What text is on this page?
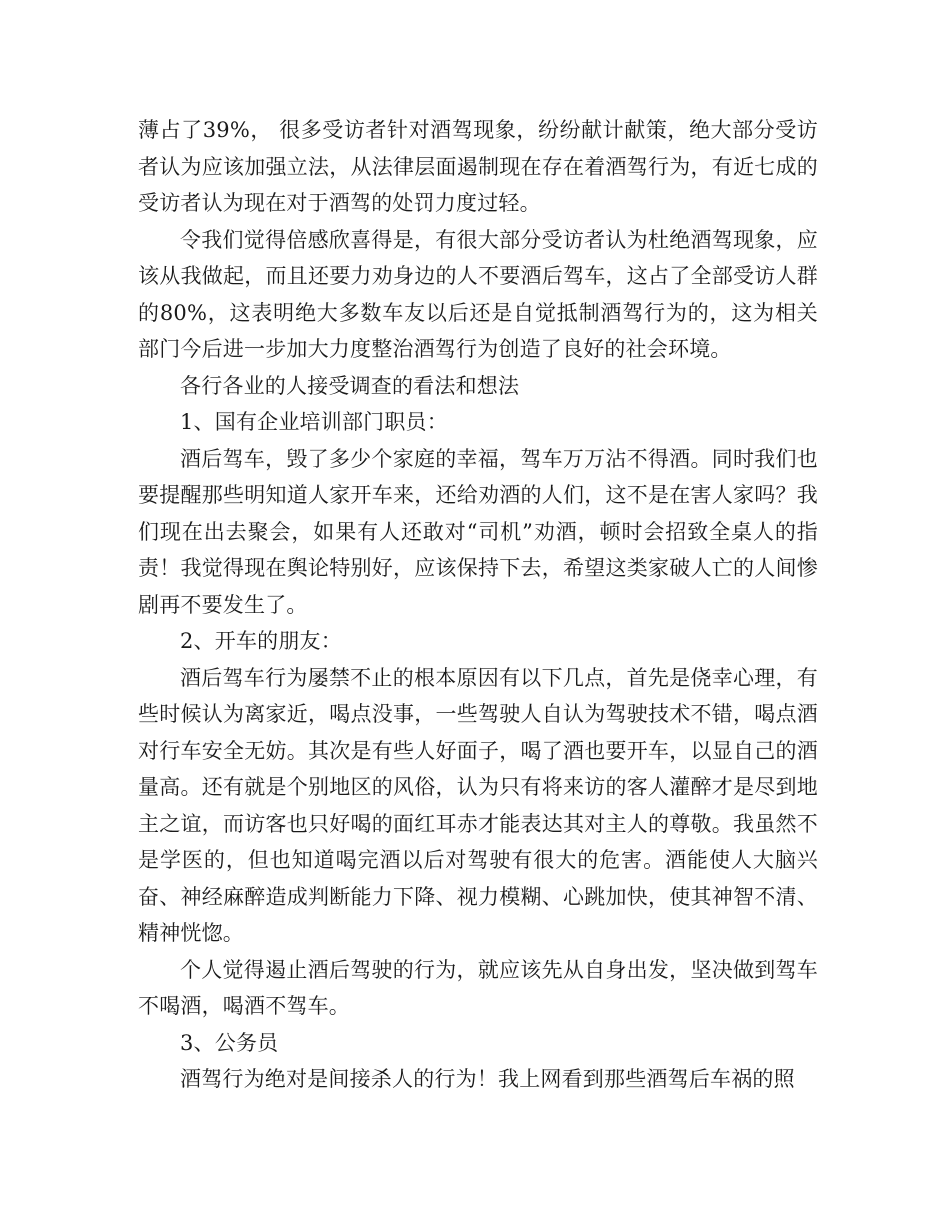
薄占了39%， 很多受访者针对酒驾现象，纷纷献计献策，绝大部分受访者认为应该加强立法，从法律层面遏制现在存在着酒驾行为，有近七成的受访者认为现在对于酒驾的处罚力度过轻。

令我们觉得倍感欣喜得是，有很大部分受访者认为杜绝酒驾现象，应该从我做起，而且还要力劝身边的人不要酒后驾车，这占了全部受访人群的80%，这表明绝大多数车友以后还是自觉抵制酒驾行为的，这为相关部门今后进一步加大力度整治酒驾行为创造了良好的社会环境。

各行各业的人接受调查的看法和想法

1、国有企业培训部门职员：

酒后驾车，毁了多少个家庭的幸福，驾车万万沾不得酒。同时我们也要提醒那些明知道人家开车来，还给劝酒的人们，这不是在害人家吗？我们现在出去聚会，如果有人还敢对“司机”劝酒，顿时会招致全桌人的指责！我觉得现在舆论特别好，应该保持下去，希望这类家破人亡的人间惨剧再不要发生了。

2、开车的朋友：

酒后驾车行为屡禁不止的根本原因有以下几点，首先是侥幸心理，有些时候认为离家近，喝点没事，一些驾驶人自认为驾驶技术不错，喝点酒对行车安全无妨。其次是有些人好面子，喝了酒也要开车，以显自己的酒量高。还有就是个别地区的风俗，认为只有将来访的客人灌醉才是尽到地主之谊，而访客也只好喝的面红耳赤才能表达其对主人的尊敬。我虽然不是学医的，但也知道喝完酒以后对驾驶有很大的危害。酒能使人大脑兴奋、神经麻醉造成判断能力下降、视力模糊、心跳加快，使其神智不清、精神恍惚。

个人觉得遏止酒后驾驶的行为，就应该先从自身出发，坚决做到驾车不喝酒，喝酒不驾车。

3、公务员

酒驾行为绝对是间接杀人的行为！我上网看到那些酒驾后车祸的照
